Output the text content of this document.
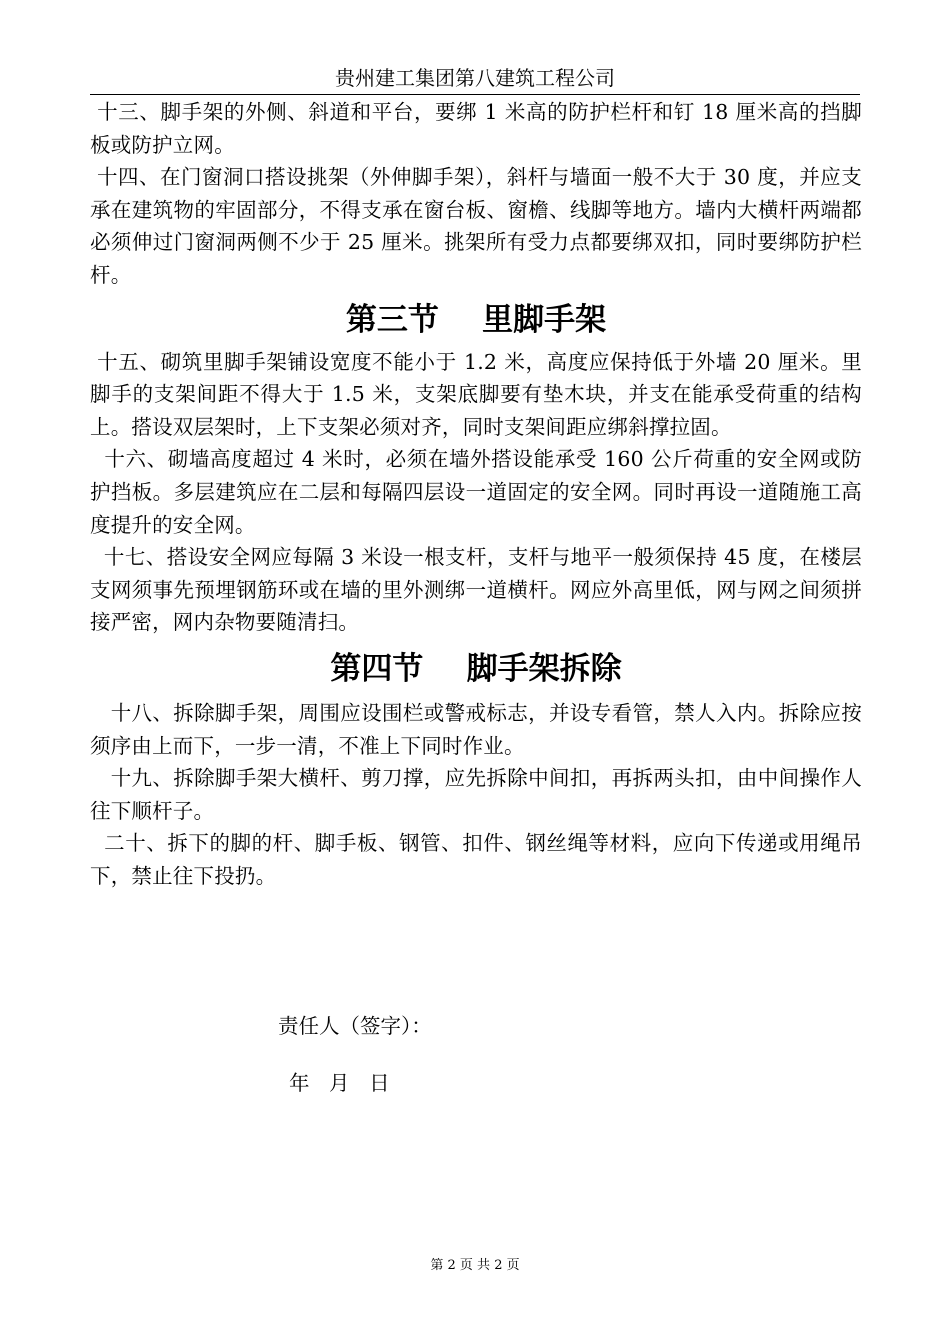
贵州建工集团第八建筑工程公司

十三、脚手架的外侧、斜道和平台，要绑 1 米高的防护栏杆和钉 18 厘米高的挡脚板或防护立网。

十四、在门窗洞口搭设挑架（外伸脚手架），斜杆与墙面一般不大于 30 度，并应支承在建筑物的牢固部分，不得支承在窗台板、窗檐、线脚等地方。墙内大横杆两端都必须伸过门窗洞两侧不少于 25 厘米。挑架所有受力点都要绑双扣，同时要绑防护栏杆。

第三节    里脚手架

十五、砌筑里脚手架铺设宽度不能小于 1.2 米，高度应保持低于外墙 20 厘米。里脚手的支架间距不得大于 1.5 米，支架底脚要有垫木块，并支在能承受荷重的结构上。搭设双层架时，上下支架必须对齐，同时支架间距应绑斜撑拉固。

十六、砌墙高度超过 4 米时，必须在墙外搭设能承受 160 公斤荷重的安全网或防护挡板。多层建筑应在二层和每隔四层设一道固定的安全网。同时再设一道随施工高度提升的安全网。

十七、搭设安全网应每隔 3 米设一根支杆，支杆与地平一般须保持 45 度，在楼层支网须事先预埋钢筋环或在墙的里外测绑一道横杆。网应外高里低，网与网之间须拼接严密，网内杂物要随清扫。

第四节    脚手架拆除

十八、拆除脚手架，周围应设围栏或警戒标志，并设专看管，禁人入内。拆除应按须序由上而下，一步一清，不准上下同时作业。

十九、拆除脚手架大横杆、剪刀撑，应先拆除中间扣，再拆两头扣，由中间操作人往下顺杆子。

二十、拆下的脚的杆、脚手板、钢管、扣件、钢丝绳等材料，应向下传递或用绳吊下，禁止往下投扔。

责任人（签字）：
年   月   日
第 2 页 共 2 页
